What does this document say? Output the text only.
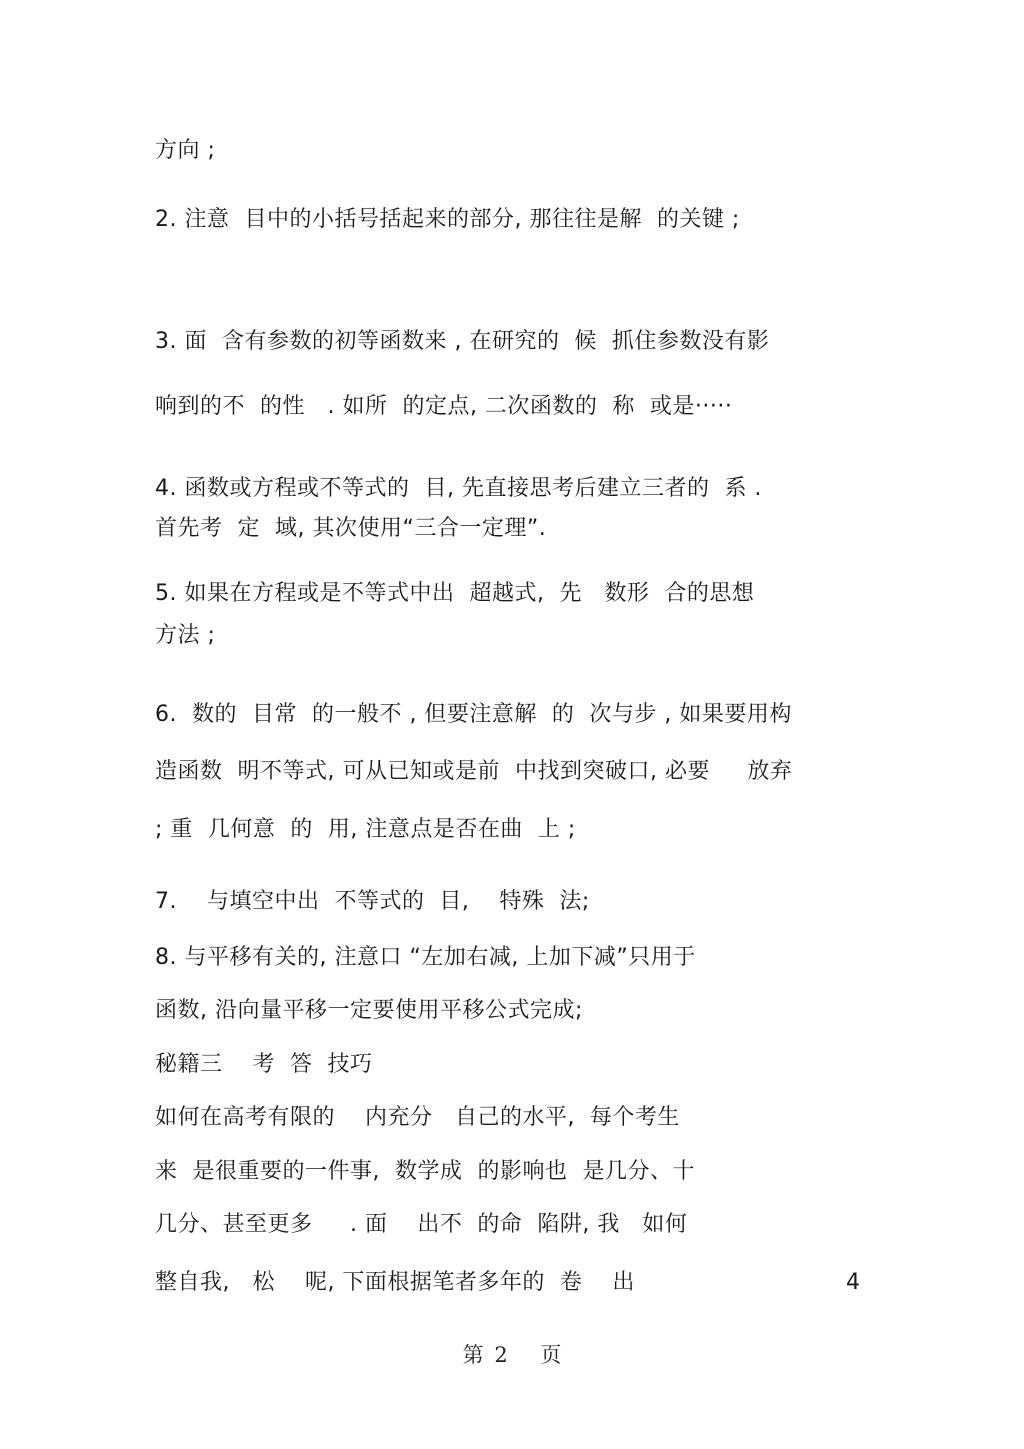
方向 ;
2. 注意  目中的小括号括起来的部分, 那往往是解  的关键 ;
3. 面  含有参数的初等函数来 , 在研究的  候  抓住参数没有影
响到的不  的性   . 如所  的定点, 二次函数的  称  或是·····
4. 函数或方程或不等式的  目, 先直接思考后建立三者的  系 .
首先考  定  域, 其次使用“三合一定理”.
5. 如果在方程或是不等式中出  超越式,  先   数形  合的思想
方法 ;
6.  数的  目常  的一般不 , 但要注意解  的  次与步 , 如果要用构
造函数  明不等式, 可从已知或是前  中找到突破口, 必要     放弃
; 重  几何意  的  用, 注意点是否在曲  上 ;
7.    与填空中出  不等式的  目,    特殊  法;
8. 与平移有关的, 注意口 “左加右减, 上加下减”只用于
函数, 沿向量平移一定要使用平移公式完成;
秘籍三    考  答  技巧
如何在高考有限的    内充分   自己的水平,  每个考生
来  是很重要的一件事,  数学成  的影响也  是几分、十
几分、甚至更多     . 面    出不  的命  陷阱, 我   如何
整自我,   松    呢, 下面根据笔者多年的  卷    出	4
第 2 页
